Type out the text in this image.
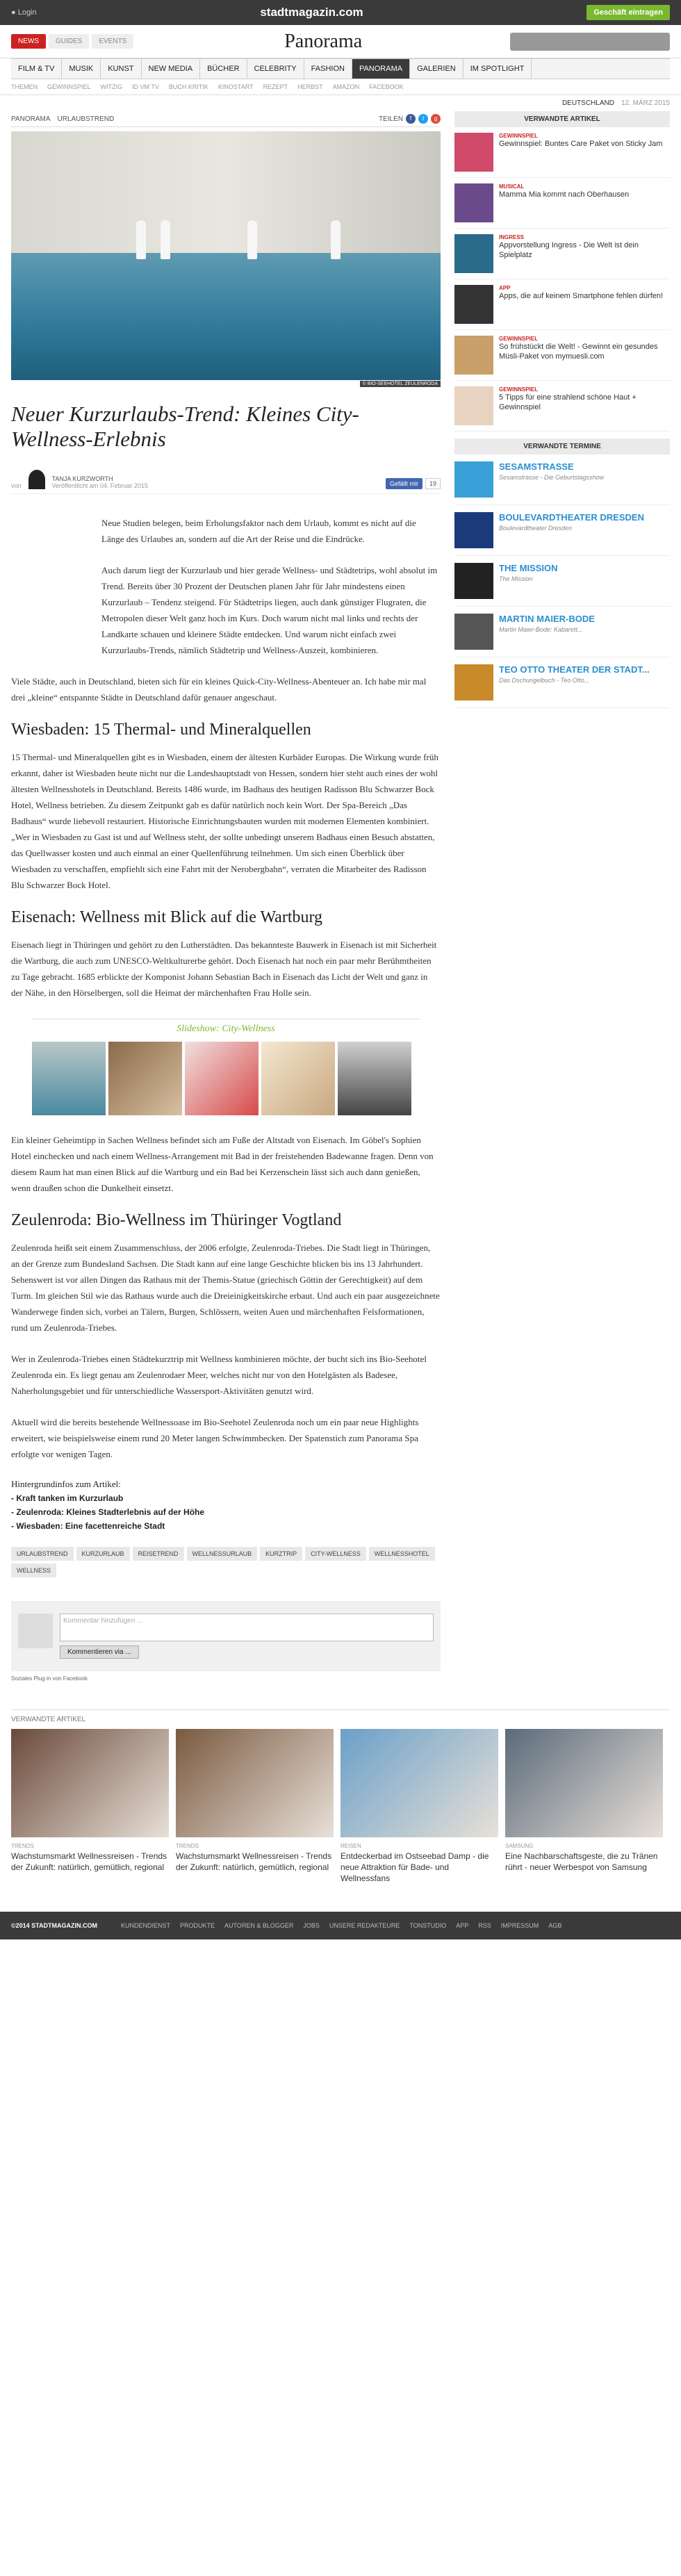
● Login	stadtmagazin.com	Geschäft eintragen
NEWS	GUIDES	EVENTS	Panorama
FILM & TV	MUSIK	KUNST	NEW MEDIA	BÜCHER	CELEBRITY	FASHION	PANORAMA	GALERIEN	IM SPOTLIGHT
THEMEN GEWINNSPIEL WITZIG ID VM TV BUCH KRITIK KINOSTART REZEPT HERBST AMAZON FACEBOOK
DEUTSCHLAND 12. MÄRZ 2015
PANORAMA URLAUBSTREND	TEILEN	f	t	g
© BIO-SEEHOTEL ZEULENRODA
Neuer Kurzurlaubs-Trend: Kleines City-Wellness-Erlebnis
von
TANJA KURZWORTH
Veröffentlicht am 04. Februar 2015	Gefällt mir	19

Neue Studien belegen, beim Erholungsfaktor nach dem Urlaub, kommt es nicht auf die Länge des Urlaubes an, sondern auf die Art der Reise und die Eindrücke.

Auch darum liegt der Kurzurlaub und hier gerade Wellness- und Städtetrips, wohl absolut im Trend. Bereits über 30 Prozent der Deutschen planen Jahr für Jahr mindestens einen Kurzurlaub – Tendenz steigend. Für Städtetrips liegen, auch dank günstiger Flugraten, die Metropolen dieser Welt ganz hoch im Kurs. Doch warum nicht mal links und rechts der Landkarte schauen und kleinere Städte entdecken. Und warum nicht einfach zwei Kurzurlaubs-Trends, nämlich Städtetrip und Wellness-Auszeit, kombinieren.

Viele Städte, auch in Deutschland, bieten sich für ein kleines Quick-City-Wellness-Abenteuer an. Ich habe mir mal drei „kleine“ entspannte Städte in Deutschland dafür genauer angeschaut.

Wiesbaden: 15 Thermal- und Mineralquellen

15 Thermal- und Mineralquellen gibt es in Wiesbaden, einem der ältesten Kurbäder Europas. Die Wirkung wurde früh erkannt, daher ist Wiesbaden heute nicht nur die Landeshauptstadt von Hessen, sondern hier steht auch eines der wohl ältesten Wellnesshotels in Deutschland. Bereits 1486 wurde, im Badhaus des heutigen Radisson Blu Schwarzer Bock Hotel, Wellness betrieben. Zu diesem Zeitpunkt gab es dafür natürlich noch kein Wort. Der Spa-Bereich „Das Badhaus“ wurde liebevoll restauriert. Historische Einrichtungsbauten wurden mit modernen Elementen kombiniert. „Wer in Wiesbaden zu Gast ist und auf Wellness steht, der sollte unbedingt unserem Badhaus einen Besuch abstatten, das Quellwasser kosten und auch einmal an einer Quellenführung teilnehmen. Um sich einen Überblick über Wiesbaden zu verschaffen, empfiehlt sich eine Fahrt mit der Nerobergbahn“, verraten die Mitarbeiter des Radisson Blu Schwarzer Bock Hotel.

Eisenach: Wellness mit Blick auf die Wartburg

Eisenach liegt in Thüringen und gehört zu den Lutherstädten. Das bekannteste Bauwerk in Eisenach ist mit Sicherheit die Wartburg, die auch zum UNESCO-Weltkulturerbe gehört. Doch Eisenach hat noch ein paar mehr Berühmtheiten zu Tage gebracht. 1685 erblickte der Komponist Johann Sebastian Bach in Eisenach das Licht der Welt und ganz in der Nähe, in den Hörselbergen, soll die Heimat der märchenhaften Frau Holle sein.

Slideshow: City-Wellness

Ein kleiner Geheimtipp in Sachen Wellness befindet sich am Fuße der Altstadt von Eisenach. Im Göbel's Sophien Hotel einchecken und nach einem Wellness-Arrangement mit Bad in der freistehenden Badewanne fragen. Denn von diesem Raum hat man einen Blick auf die Wartburg und ein Bad bei Kerzenschein lässt sich auch dann genießen, wenn draußen schon die Dunkelheit einsetzt.

Zeulenroda: Bio-Wellness im Thüringer Vogtland

Zeulenroda heißt seit einem Zusammenschluss, der 2006 erfolgte, Zeulenroda-Triebes. Die Stadt liegt in Thüringen, an der Grenze zum Bundesland Sachsen. Die Stadt kann auf eine lange Geschichte blicken bis ins 13 Jahrhundert. Sehenswert ist vor allen Dingen das Rathaus mit der Themis-Statue (griechisch Göttin der Gerechtigkeit) auf dem Turm. Im gleichen Stil wie das Rathaus wurde auch die Dreieinigkeitskirche erbaut. Und auch ein paar ausgezeichnete Wanderwege finden sich, vorbei an Tälern, Burgen, Schlössern, weiten Auen und märchenhaften Felsformationen, rund um Zeulenroda-Triebes.

Wer in Zeulenroda-Triebes einen Städtekurztrip mit Wellness kombinieren möchte, der bucht sich ins Bio-Seehotel Zeulenroda ein. Es liegt genau am Zeulenrodaer Meer, welches nicht nur von den Hotelgästen als Badesee, Naherholungsgebiet und für unterschiedliche Wassersport-Aktivitäten genutzt wird.

Aktuell wird die bereits bestehende Wellnessoase im Bio-Seehotel Zeulenroda noch um ein paar neue Highlights erweitert, wie beispielsweise einem rund 20 Meter langen Schwimmbecken. Der Spatenstich zum Panorama Spa erfolgte vor wenigen Tagen.

Hintergrundinfos zum Artikel:
- Kraft tanken im Kurzurlaub
- Zeulenroda: Kleines Stadterlebnis auf der Höhe
- Wiesbaden: Eine facettenreiche Stadt
URLAUBSTREND	KURZURLAUB	REISETREND	WELLNESSURLAUB	KURZTRIP	CITY-WELLNESS	WELLNESSHOTEL
WELLNESS
Kommentar hinzufügen ...
Kommentieren via ...
Soziales Plug-in von Facebook
VERWANDTE ARTIKEL
GEWINNSPIEL
Gewinnspiel: Buntes Care Paket von Sticky Jam
MUSICAL
Mamma Mia kommt nach Oberhausen
INGRESS
Appvorstellung Ingress - Die Welt ist dein Spielplatz
APP
Apps, die auf keinem Smartphone fehlen dürfen!
GEWINNSPIEL
So frühstückt die Welt! - Gewinnt ein gesundes Müsli-Paket von mymuesli.com
GEWINNSPIEL
5 Tipps für eine strahlend schöne Haut + Gewinnspiel
VERWANDTE TERMINE
SESAMSTRASSE
Sesamstrasse - Die Geburtstagsshow
BOULEVARDTHEATER DRESDEN
Boulevardtheater Dresden
THE MISSION
The Mission
MARTIN MAIER-BODE
Martin Maier-Bode: Kabarett...
TEO OTTO THEATER DER STADT...
Das Dschungelbuch - Teo Otto...
VERWANDTE ARTIKEL
TRENDS
Wachstumsmarkt Wellnessreisen - Trends der Zukunft: natürlich, gemütlich, regional
TRENDS
Wachstumsmarkt Wellnessreisen - Trends der Zukunft: natürlich, gemütlich, regional
REISEN
Entdeckerbad im Ostseebad Damp - die neue Attraktion für Bade- und Wellnessfans
SAMSUNG
Eine Nachbarschaftsgeste, die zu Tränen rührt - neuer Werbespot von Samsung
©2014 STADTMAGAZIN.COM	KUNDENDIENST PRODUKTE AUTOREN & BLOGGER JOBS UNSERE REDAKTEURE TONSTUDIO APP RSS IMPRESSUM AGB
